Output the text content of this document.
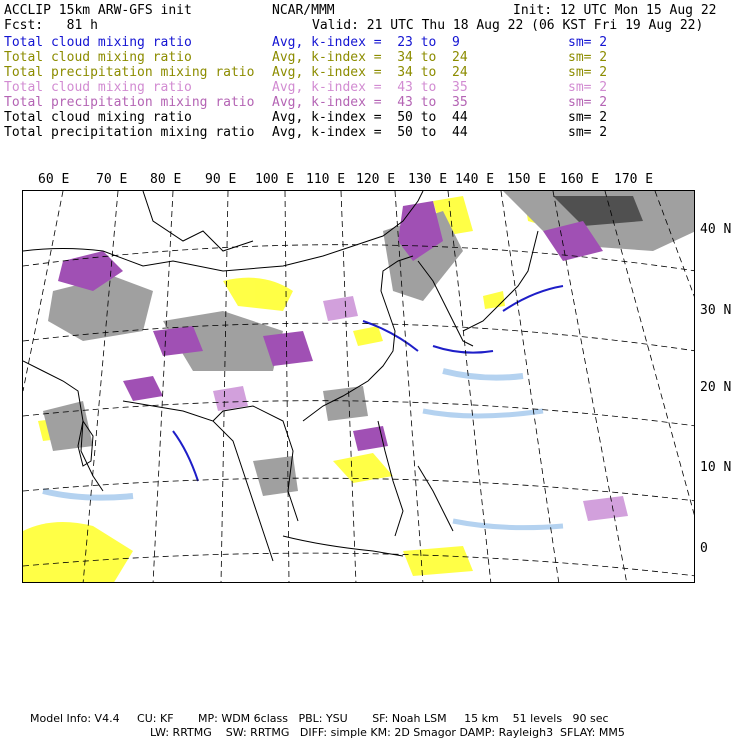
ACCLIP 15km ARW-GFS init	NCAR/MMM	Init: 12 UTC Mon 15 Aug 22
Fcst:   81 h	Valid: 21 UTC Thu 18 Aug 22 (06 KST Fri 19 Aug 22)
Total cloud mixing ratio	Avg, k-index =  23 to  9	sm= 2
Total cloud mixing ratio	Avg, k-index =  34 to  24	sm= 2
Total precipitation mixing ratio Avg, k-index =  34 to  24	sm= 2
Total cloud mixing ratio	Avg, k-index =  43 to  35	sm= 2
Total precipitation mixing ratio Avg, k-index =  43 to  35	sm= 2
Total cloud mixing ratio	Avg, k-index =  50 to  44	sm= 2
Total precipitation mixing ratio Avg, k-index =  50 to  44	sm= 2
60 E 70 E 80 E 90 E 100 E 110 E 120 E 130 E 140 E 150 E 160 E 170 E
40 N
30 N
20 N
10 N
0
Model Info: V4.4     CU: KF       MP: WDM 6class   PBL: YSU       SF: Noah LSM     15 km    51 levels   90 sec
LW: RRTMG    SW: RRTMG   DIFF: simple KM: 2D Smagor DAMP: Rayleigh3  SFLAY: MM5
